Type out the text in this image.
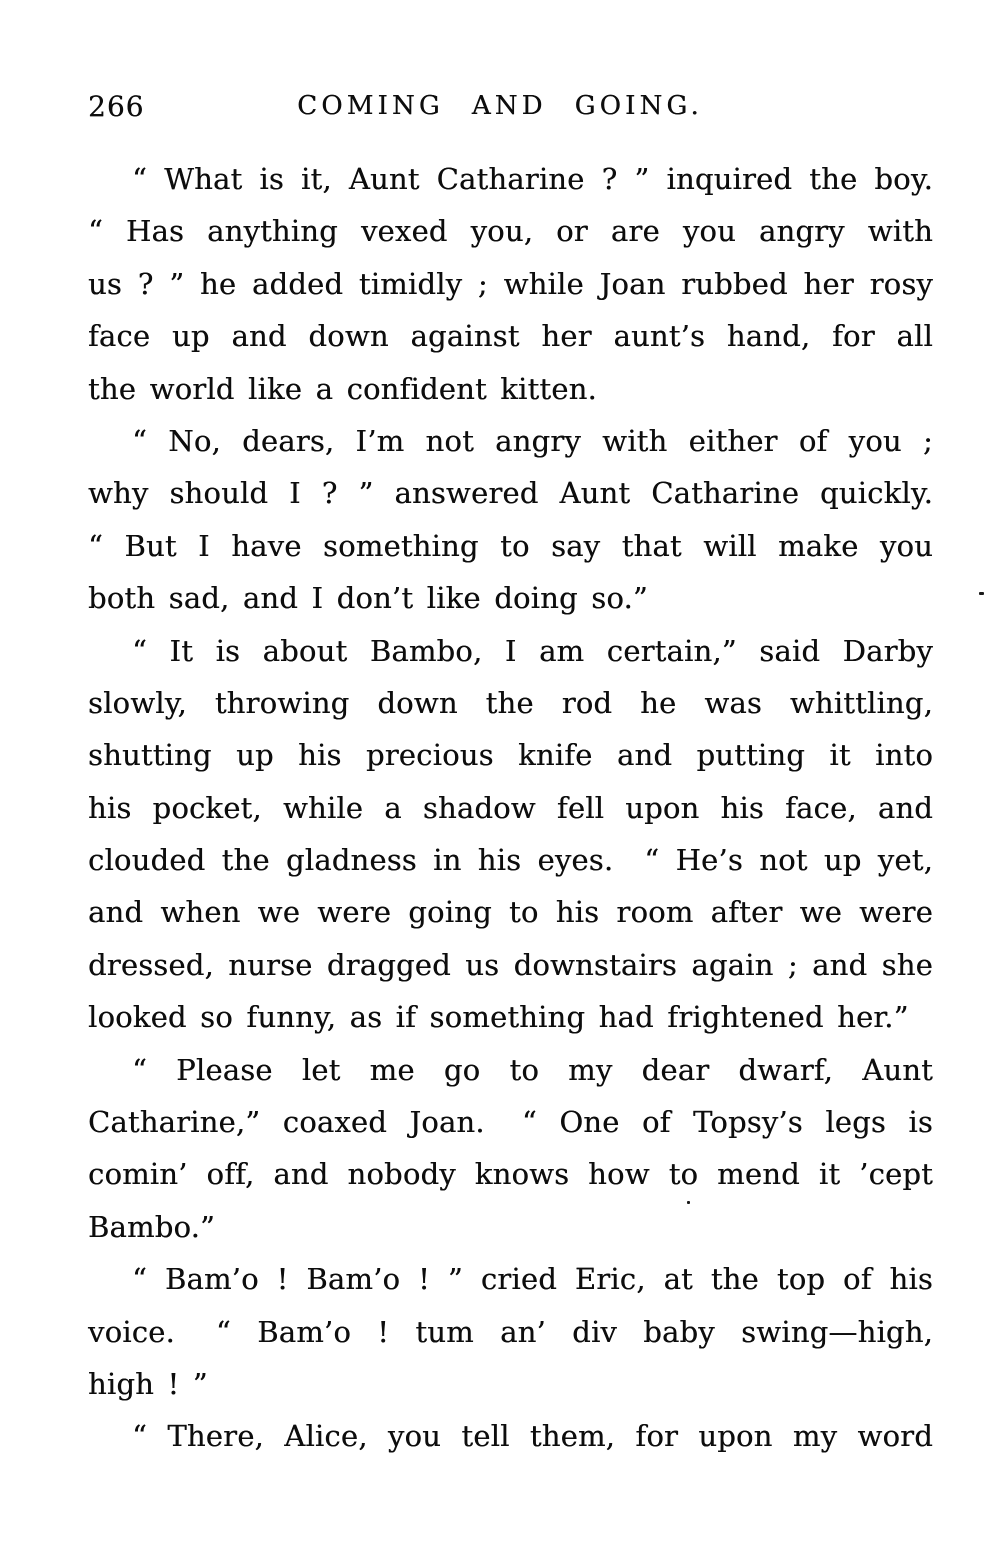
266	COMING AND GOING.
“ What is it, Aunt Catharine ? ” inquired the boy.
“ Has anything vexed you, or are you angry with
us ? ” he added timidly ; while Joan rubbed her rosy
face up and down against her aunt’s hand, for all
the world like a confident kitten.
“ No, dears, I’m not angry with either of you ;
why should I ? ” answered Aunt Catharine quickly.
“ But I have something to say that will make you
both sad, and I don’t like doing so.”
“ It is about Bambo, I am certain,” said Darby
slowly, throwing down the rod he was whittling,
shutting up his precious knife and putting it into
his pocket, while a shadow fell upon his face, and
clouded the gladness in his eyes.  “ He’s not up yet,
and when we were going to his room after we were
dressed, nurse dragged us downstairs again ; and she
looked so funny, as if something had frightened her.”
“ Please let me go to my dear dwarf, Aunt
Catharine,” coaxed Joan.  “ One of Topsy’s legs is
comin’ off, and nobody knows how to mend it ’cept
Bambo.”
“ Bam’o ! Bam’o ! ” cried Eric, at the top of his
voice.  “ Bam’o ! tum an’ div baby swing—high,
high ! ”
“ There, Alice, you tell them, for upon my word
